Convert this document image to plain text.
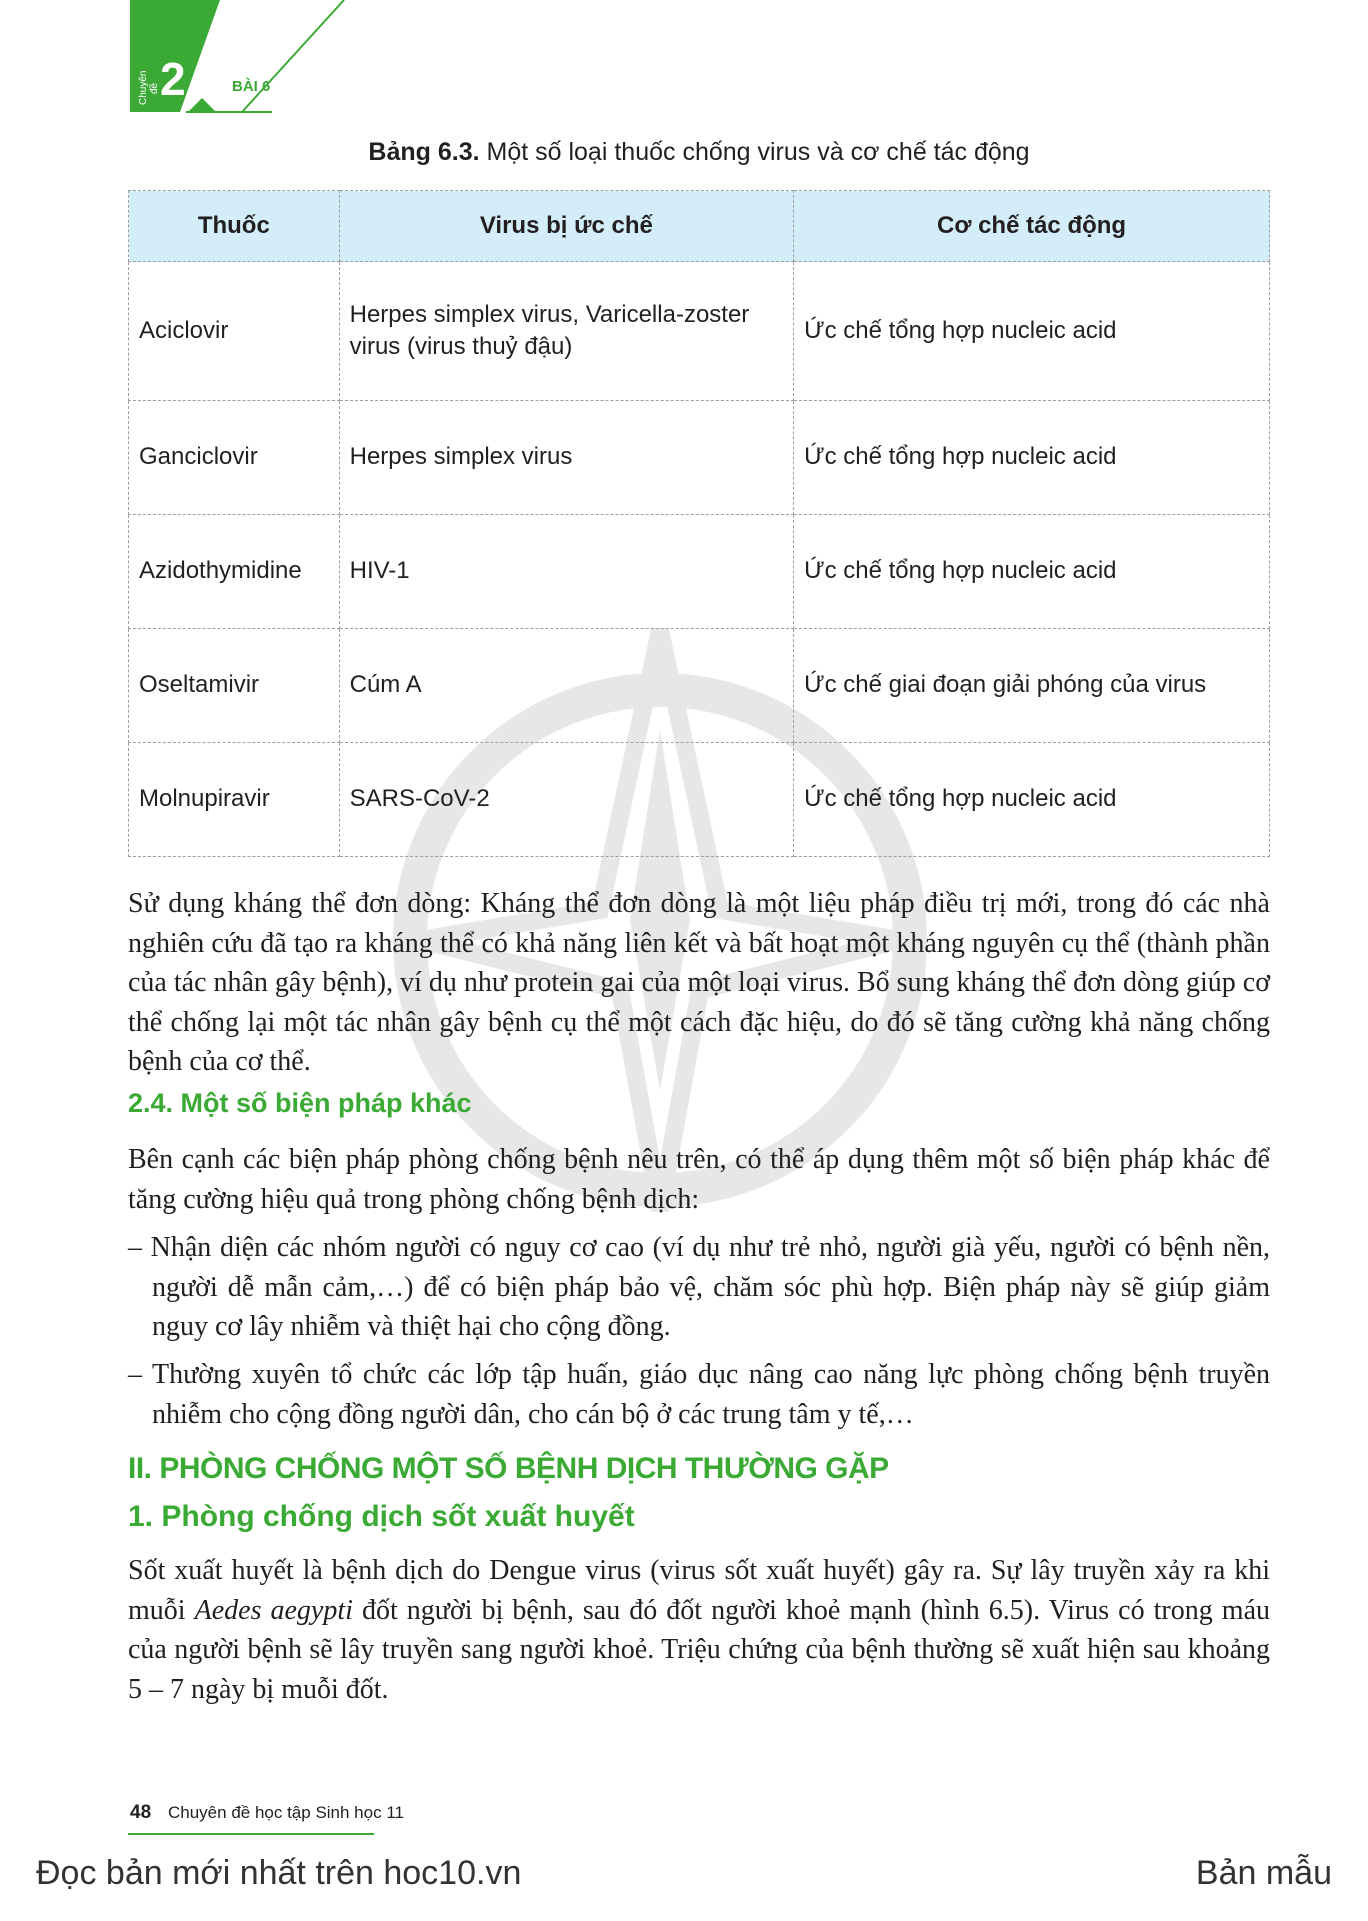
Chuyên đề 2	BÀI 6
Bảng 6.3. Một số loại thuốc chống virus và cơ chế tác động
Thuốc	Virus bị ức chế	Cơ chế tác động
Aciclovir	Herpes simplex virus, Varicella-zoster virus (virus thuỷ đậu)	Ức chế tổng hợp nucleic acid
Ganciclovir	Herpes simplex virus	Ức chế tổng hợp nucleic acid
Azidothymidine	HIV-1	Ức chế tổng hợp nucleic acid
Oseltamivir	Cúm A	Ức chế giai đoạn giải phóng của virus
Molnupiravir	SARS-CoV-2	Ức chế tổng hợp nucleic acid

Sử dụng kháng thể đơn dòng: Kháng thể đơn dòng là một liệu pháp điều trị mới, trong đó các nhà nghiên cứu đã tạo ra kháng thể có khả năng liên kết và bất hoạt một kháng nguyên cụ thể (thành phần của tác nhân gây bệnh), ví dụ như protein gai của một loại virus. Bổ sung kháng thể đơn dòng giúp cơ thể chống lại một tác nhân gây bệnh cụ thể một cách đặc hiệu, do đó sẽ tăng cường khả năng chống bệnh của cơ thể.

2.4. Một số biện pháp khác

Bên cạnh các biện pháp phòng chống bệnh nêu trên, có thể áp dụng thêm một số biện pháp khác để tăng cường hiệu quả trong phòng chống bệnh dịch:

– Nhận diện các nhóm người có nguy cơ cao (ví dụ như trẻ nhỏ, người già yếu, người có bệnh nền, người dễ mẫn cảm,…) để có biện pháp bảo vệ, chăm sóc phù hợp. Biện pháp này sẽ giúp giảm nguy cơ lây nhiễm và thiệt hại cho cộng đồng.

– Thường xuyên tổ chức các lớp tập huấn, giáo dục nâng cao năng lực phòng chống bệnh truyền nhiễm cho cộng đồng người dân, cho cán bộ ở các trung tâm y tế,…

II. PHÒNG CHỐNG MỘT SỐ BỆNH DỊCH THƯỜNG GẶP
1. Phòng chống dịch sốt xuất huyết

Sốt xuất huyết là bệnh dịch do Dengue virus (virus sốt xuất huyết) gây ra. Sự lây truyền xảy ra khi muỗi Aedes aegypti đốt người bị bệnh, sau đó đốt người khoẻ mạnh (hình 6.5). Virus có trong máu của người bệnh sẽ lây truyền sang người khoẻ. Triệu chứng của bệnh thường sẽ xuất hiện sau khoảng 5 – 7 ngày bị muỗi đốt.

48 Chuyên đề học tập Sinh học 11
Đọc bản mới nhất trên hoc10.vn	Bản mẫu
